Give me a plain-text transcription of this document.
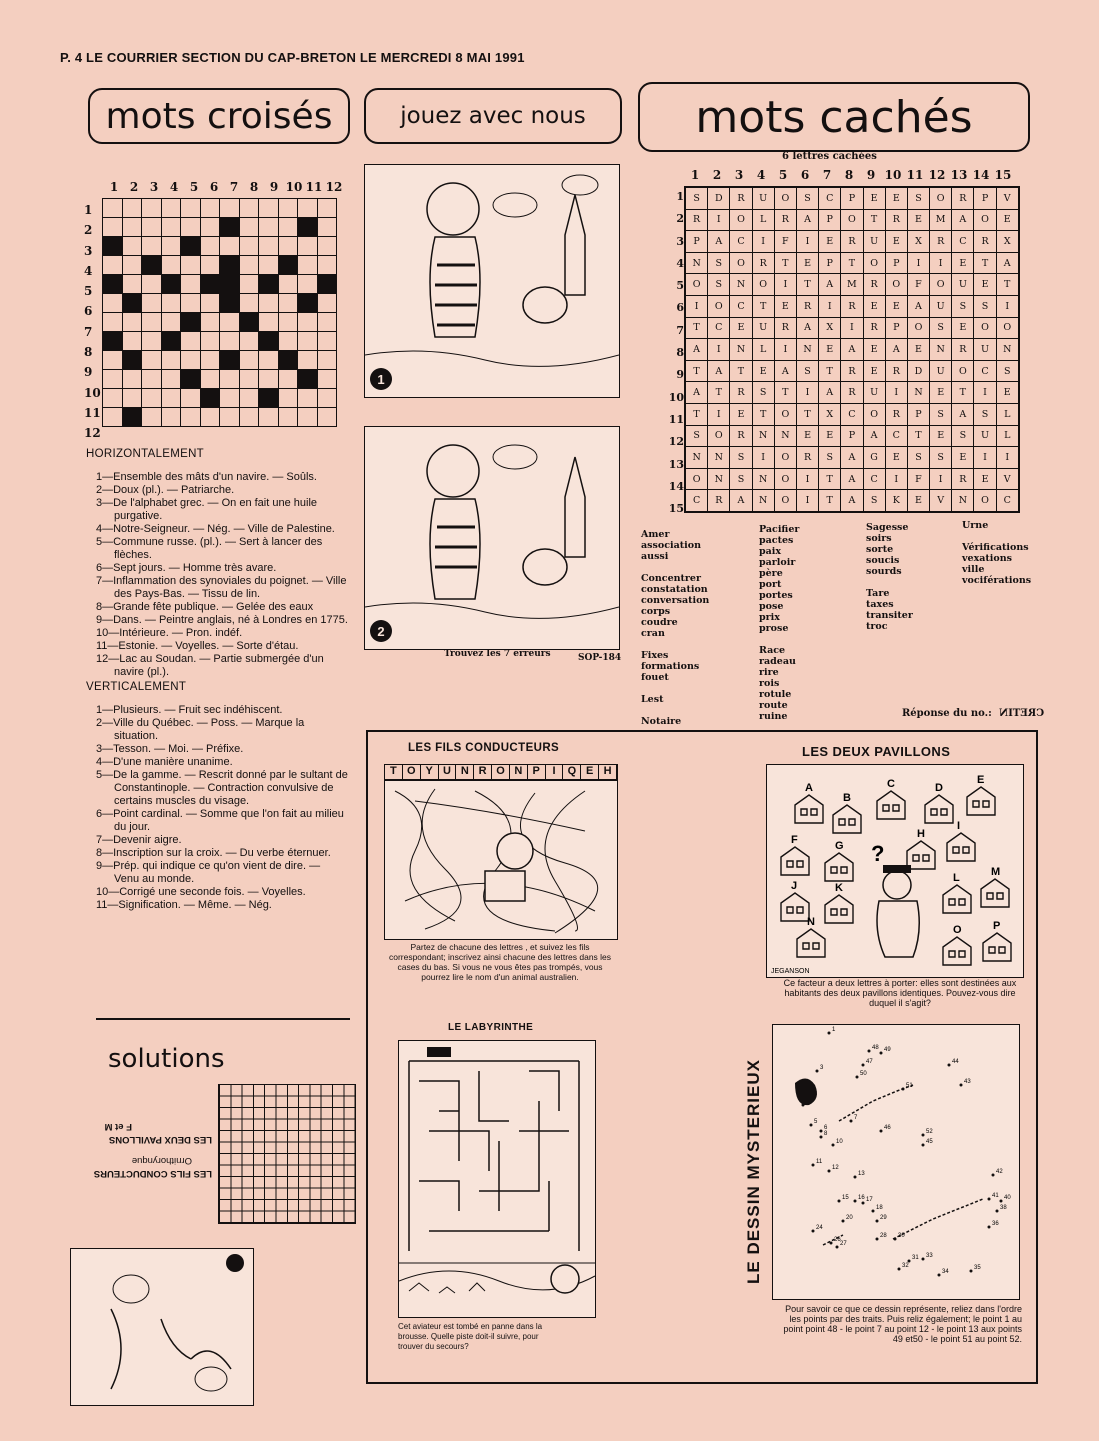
P. 4 LE COURRIER SECTION DU CAP-BRETON LE MERCREDI 8 MAI 1991
mots croisés	jouez avec nous mots cachés
1 2 3 4 5 6 7 8 9 10 11 12
1
2
3
4
5
6
7
8
9
10
11
12

HORIZONTALEMENT
1—Ensemble des mâts d'un navire. — Soûls.
2—Doux (pl.). — Patriarche.
3—De l'alphabet grec. — On en fait une huile purgative.
4—Notre-Seigneur. — Nég. — Ville de Palestine.
5—Commune russe. (pl.). — Sert à lancer des flèches.
6—Sept jours. — Homme très avare.
7—Inflammation des synoviales du poignet. — Ville des Pays-Bas. — Tissu de lin.
8—Grande fête publique. — Gelée des eaux
9—Dans. — Peintre anglais, né à Londres en 1775.
10—Intérieure. — Pron. indéf.
11—Estonie. — Voyelles. — Sorte d'étau.
12—Lac au Soudan. — Partie submergée d'un navire (pl.).
VERTICALEMENT
1—Plusieurs. — Fruit sec indéhiscent.
2—Ville du Québec. — Poss. — Marque la situation.
3—Tesson. — Moi. — Préfixe.
4—D'une manière unanime.
5—De la gamme. — Rescrit donné par le sultant de Constantinople. — Contraction convulsive de certains muscles du visage.
6—Point cardinal. — Somme que l'on fait au milieu du jour.
7—Devenir aigre.
8—Inscription sur la croix. — Du verbe éternuer.
9—Prép. qui indique ce qu'on vient de dire. — Venu au monde.
10—Corrigé une seconde fois. — Voyelles.
11—Signification. — Même. — Nég.
solutions
LES FILS CONDUCTEURS
Ornithorynque
LES DEUX PAVILLONS
F et M
1
2
Trouvez les 7 erreurs	SOP-184
6 lettres cachées
1	2	3	4	5	6	7	8	9 10 11 12 13 14 15
1
2
3
4
5
6
7
8
9
10
11
12
13
14
15
S	D	R	U	O	S	C	P	E	E	S	O	R	P	V
R	I	O	L	R	A	P	O	T	R	E	M	A	O	E
P	A	C	I	F	I	E	R	U	E	X	R	C	R	X
N	S	O	R	T	E	P	T	O	P	I	I	E	T	A
O	S	N	O	I	T	A	M	R	O	F	O	U	E	T
I	O	C	T	E	R	I	R	E	E	A	U	S	S	I
T	C	E	U	R	A	X	I	R	P	O	S	E	O	O
A	I	N	L	I	N	E	A	E	A	E	N	R	U	N
T	A	T	E	A	S	T	R	E	R	D	U	O	C	S
A	T	R	S	T	I	A	R	U	I	N	E	T	I	E
T	I	E	T	O	T	X	C	O	R	P	S	A	S	L
S	O	R	N	N	E	E	P	A	C	T	E	S	U	L
N	N	S	I	O	R	S	A	G	E	S	S	E	I	I
O	N	S	N	O	I	T	A	C	I	F	I	R	E	V
C	R	A	N	O	I	T	A	S	K	E	V	N	O	C
Amer
association
aussi
Concentrer
constatation
conversation
corps
coudre
cran
Fixes
formations
fouet
Lest
Notaire
Pacifier
pactes
paix
parloir
père
port
portes
pose
prix
prose
Race
radeau
rire
rois
rotule
route
ruine
Sagesse
soirs
sorte
soucis
sourds
Tare
taxes
transiter
troc
Urne
Vérifications
vexations
ville
vociférations
Réponse du no.: CRETIN
LES FILS CONDUCTEURS
T O Y U N R O N P	I	Q E H
Partez de chacune des lettres , et suivez les fils correspondant; inscrivez ainsi chacune des lettres dans les cases du bas. Si vous ne vous êtes pas trompés, vous pourrez lire le nom d'un animal australien.
LES DEUX PAVILLONS
A
B
C	D
E
F	G
H
I
J	K
L	M
N
O	P
?
JEGANSON
Ce facteur a deux lettres à porter: elles sont destinées aux habitants des deux pavillons identiques. Pouvez-vous dire duquel il s'agit?
LE LABYRINTHE
Cet aviateur est tombé en panne dans la brousse. Quelle piste doit-il suivre, pour trouver du secours?
LE DESSIN MYSTERIEUX
1
3
5
6
7
8
10
11
12
13
15 16 17
18
20
24
26
27
28
29
30
31
32
33
34
35
36
38
40
41
42
43
44
45
46
47
48 49
50
51
52
Pour savoir ce que ce dessin représente, reliez dans l'ordre les points par des traits. Puis reliz également; le point 1 au point point 48 - le point 7 au point 12 - le point 13 aux points 49 et50 - le point 51 au point 52.
